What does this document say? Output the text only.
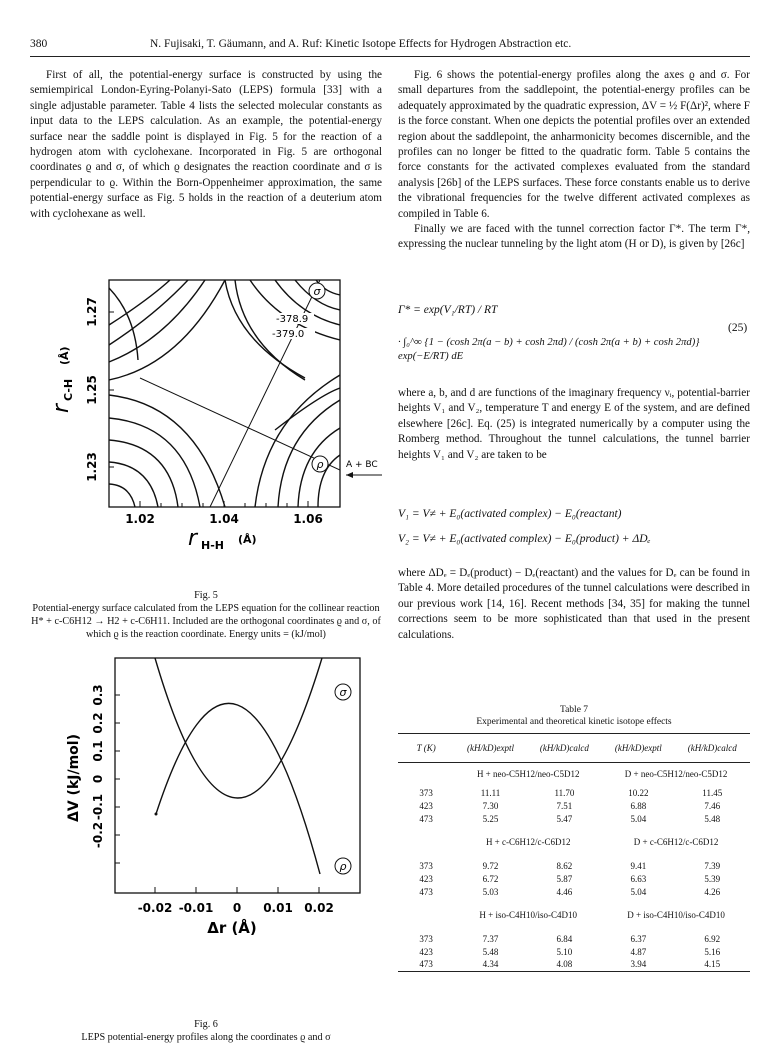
380	N. Fujisaki, T. Gäumann, and A. Ruf: Kinetic Isotope Effects for Hydrogen Abstraction etc.

First of all, the potential-energy surface is constructed by using the semiempirical London-Eyring-Polanyi-Sato (LEPS) formula [33] with a single adjustable parameter. Table 4 lists the selected molecular constants as input data to the LEPS calculation. As an example, the potential-energy surface near the saddle point is displayed in Fig. 5 for the reaction of a hydrogen atom with cyclohexane. Incorporated in Fig. 5 are orthogonal coordinates ϱ and σ, of which ϱ designates the reaction coordinate and σ is perpendicular to ϱ. Within the Born-Oppenheimer approximation, the same potential-energy surface as Fig. 5 holds in the reaction of a deuterium atom with cyclohexane as well.

-378.9
-379.0
σ
ρ	A + BC
1.27
1.25
1.23
r
C-H
(Å)
1.02	1.04	1.06
r H-H (Å)
Fig. 5
Potential-energy surface calculated from the LEPS equation for the collinear reaction H* + c-C6H12 → H2 + c-C6H11. Included are the orthogonal coordinates ϱ and σ, of which ϱ is the reaction coordinate. Energy units = (kJ/mol)
σ
ρ
0.3
0.2
0.1
0
-0.1
-0.2
ΔV (kJ/mol)
-0.02 -0.01 0 0.01 0.02
Δr (Å)
Fig. 6
LEPS potential-energy profiles along the coordinates ϱ and σ

Fig. 6 shows the potential-energy profiles along the axes ϱ and σ. For small departures from the saddlepoint, the potential-energy profiles can be adequately approximated by the quadratic expression, ΔV = ½ F(Δr)², where F is the force constant. When one depicts the potential profiles over an extended region about the saddlepoint, the anharmonicity becomes discernible, and the profiles can no longer be fitted to the quadratic form. Table 5 contains the force constants for the activated complexes evaluated from the standard analysis [26b] of the LEPS surfaces. These force constants enable us to derive the vibrational frequencies for the twelve different activated complexes as compiled in Table 6.

Finally we are faced with the tunnel correction factor Γ*. The term Γ*, expressing the nuclear tunneling by the light atom (H or D), is given by [26c]

Γ* = exp(V₁/RT) / RT
(25)
· ∫₀^∞ {1 − (cosh 2π(a − b) + cosh 2πd) / (cosh 2π(a + b) + cosh 2πd)} exp(−E/RT) dE

where a, b, and d are functions of the imaginary frequency νᵢ, potential-barrier heights V₁ and V₂, temperature T and energy E of the system, and are defined elsewhere [26c]. Eq. (25) is integrated numerically by a computer using the Romberg method. Throughout the tunnel calculations, the tunnel barrier heights V₁ and V₂ are taken to be

V₁ = V≠ + E₀(activated complex) − E₀(reactant)
V₂ = V≠ + E₀(activated complex) − E₀(product) + ΔDₑ

where ΔDₑ = Dₑ(product) − Dₑ(reactant) and the values for Dₑ can be found in Table 4. More detailed procedures of the tunnel calculations were described in our previous work [14, 16]. Recent methods [34, 35] for making the tunnel corrections seem to be more sophisticated than that used in the present calculations.

Table 7
Experimental and theoretical kinetic isotope effects
T (K)	(kH/kD)exptl	(kH/kD)calcd	(kH/kD)exptl	(kH/kD)calcd
	H + neo-C5H12/neo-C5D12		D + neo-C5H12/neo-C5D12	
373	11.11	11.70	10.22	11.45
423	7.30	7.51	6.88	7.46
473	5.25	5.47	5.04	5.48
	H + c-C6H12/c-C6D12		D + c-C6H12/c-C6D12	
373	9.72	8.62	9.41	7.39
423	6.72	5.87	6.63	5.39
473	5.03	4.46	5.04	4.26
	H + iso-C4H10/iso-C4D10		D + iso-C4H10/iso-C4D10	
373	7.37	6.84	6.37	6.92
423	5.48	5.10	4.87	5.16
473	4.34	4.08	3.94	4.15
